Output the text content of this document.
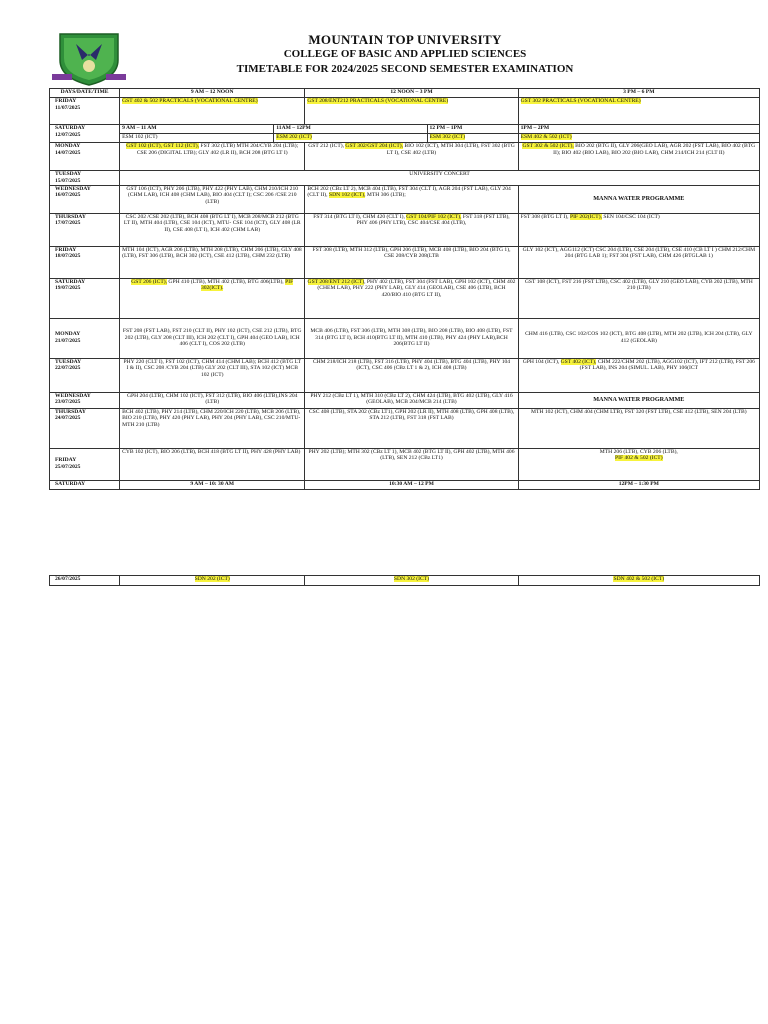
MOUNTAIN TOP UNIVERSITY
COLLEGE OF BASIC AND APPLIED SCIENCES
TIMETABLE FOR 2024/2025 SECOND SEMESTER EXAMINATION
DAYS/DATE/TIME	9 AM – 12 NOON		12 NOON – 3 PM		3 PM – 6 PM

FRIDAY
11/07/2025	GST 402 & 502 PRACTICALS (VOCATIONAL CENTRE)		GST 208/ENT212 PRACTICALS (VOCATIONAL CENTRE)		GST 302 PRACTICALS (VOCATIONAL CENTRE)

SATURDAY
12/07/2025	9 AM – 11 AM	11AM – 12PM		12 PM – 1PM	1PM – 2PM
	ESM 102 (ICT)	ESM 202 (ICT)		ESM 302 (ICT)	ESM 402 & 502 (ICT)

MONDAY
14/07/2025	GST 102 (ICT), GST 112 (ICT), FST 302 (LTB) MTH 204/CYB 204 (LTB); CSE 206 (DIGITAL LTB); GLY 402 (LR II), BCH 208 (BTG LT I)		GST 212 (ICT), GST 302/GST 204 (ICT), BIO 102 (ICT), MTH 304 (LTB), FST 302 (BTG LT I), CSE 402 (LTB)		GST 302 & 502 (ICT), BIO 202 (BTG II), GLY 206(GEO LAB), AGR 202 (FST LAB), BIO 402 (BTG II); BIO 402 (BIO LAB), BIO 202 (BIO LAB), CHM 214/ICH 214 (CLT II)

TUESDAY
15/07/2025	UNIVERSITY CONCERT				

WEDNESDAY
16/07/2025	GST 106 (ICT), PHY 206 (LTB), PHY 422 (PHY LAB), CHM 210/ICH 210 (CHM LAB), ICH 408 (CHM LAB), BIO 404 (CLT I); CSC 206 /CSE 210 (LTB)		BCH 202 (CBz LT 2), MCB 404 (LTB), FST 304 (CLT I), AGR 204 (FST LAB), GLY 204 (CLT II), SDN 102 (ICT), MTH 306 (LTB);		MANNA WATER PROGRAMME

THURSDAY
17/07/2025	CSC 202 /CSE 202 (LTB), BCH 408 (BTG LT I), MCB 208/MCB 212 (BTG LT II), MTH 404 (LTB), CSE 104 (ICT), MTU- CSE 104 (ICT), GLY 408 (LR II), CSE 408 (LT I), ICH 402 (CHM LAB)		FST 314 (BTG LT I), CHM 420 (CLT I), GST 104/PIF 102 (ICT), FST 318 (FST LTB), PHY 406 (PHY LTB), CSC 404/CSE 404 (LTB),		FST 308 (BTG LT I), PIF 202(ICT), SEN 104/CSC 104 (ICT)

FRIDAY
18/07/2025	MTH 104 (ICT), AGR 206 (LTB), MTH 208 (LTB), CHM 206 (LTB), GLY 408 (LTB), FST 306 (LTB), BCH 302 (ICT), CSE 412 (LTB), CHM 232 (LTB)		FST 308 (LTB), MTH 312 (LTB), GPH 206 (LTB), MCB 408 (LTB), BIO 204 (BTG 1), CSE 208/CYB 208(LTB		GLY 102 (ICT), AGG112 (ICT) CSC 204 (LTB), CSE 204 (LTB), CSE 410 (CB LT I ) CHM 212/CHM 204 (BTG LAB 1); FST 304 (FST LAB), CHM 426 (BTGLAB 1)

SATURDAY
19/07/2025	GST 206 (ICT), GPH 410 (LTB), MTH 402 (LTB), BTG 406(LTB), PIF 302(ICT).		GST 208/ENT 212 (ICT), PHY 402 (LTB), FST 304 (FST LAB), GPH 102 (ICT), CHM 402 (CHEM LAB), PHY 222 (PHY LAB), GLY 414 (GEOLAB), CSE 406 (LTB), BCH 420/BIO 410 (BTG LT II),		GST 108 (ICT), FST 216 (FST LTB), CSC 402 (LTB), GLY 210 (GEO LAB), CYB 202 (LTB), MTH 210 (LTB)

MONDAY
21/07/2025	FST 208 (FST LAB), FST 210 (CLT II), PHY 102 (ICT), CSE 212 (LTB), BTG 202 (LTB), GLY 208 (CLT III), ICH 202 (CLT I), GPH 404 (GEO LAB), ICH 406 (CLT I), COS 202 (LTB)		MCB 406 (LTB), FST 306 (LTB), MTH 308 (LTB), BIO 208 (LTB), BIO 408 (LTB), FST 314 (BTG LT I), BCH 410(BTG LT II), MTH 410 (LTB), PHY 424 (PHY LAB),BCH 206(BTG LT II)		CHM 416 (LTB), CSC 102/COS 102 (ICT), BTG 408 (LTB), MTH 202 (LTB), ICH 204 (LTB), GLY 412 (GEOLAB)

TUESDAY
22/07/2025	PHY 220 (CLT I), FST 102 (ICT), CHM 414 (CHM LAB); BCH 412 (BTG LT I & II), CSC 208 /CYB 204 (LTB) GLY 202 (CLT III), STA 102 (ICT) MCB 102 (ICT)		CHM 218/ICH 218 (LTB), FST 316 (LTB), PHY 404 (LTB), BTG 404 (LTB), PHY 104 (ICT), CSC 406 (CBz LT 1 & 2), ICH 408 (LTB)		GPH 104 (ICT), GST 402 (ICT), CHM 222/CHM 202 (LTB), AGG102 (ICT), IFT 212 (LTB), FST 206 (FST LAB), INS 204 (SIMUL. LAB), PHY 106(ICT

WEDNESDAY
23/07/2025	GPH 204 (LTB), CHM 102 (ICT), FST 312 (LTB), BIO 406 (LTB),INS 204 (LTB)		PHY 212 (CBz LT 1), MTH 310 (CBz LT 2), CHM 424 (LTB), BTG 402 (LTB), GLY 416 (GEOLAB), MCB 204/MCB 214 (LTB)		MANNA WATER PROGRAMME

THURSDAY
24/07/2025	BCH 402 (LTB), PHY 214 (LTB), CHM 220/ICH 220 (LTB), MCB 206 (LTB), BIO 210 (LTB), PHY 420 (PHY LAB), PHY 204 (PHY LAB), CSC 210/MTU-MTH 210 (LTB)		CSC 408 (LTB), STA 202 (CBz LT1), GPH 202 (LR II), MTH 408 (LTB), GPH 408 (LTB), STA 212 (LTB), FST 318 (FST LAB)		MTH 102 (ICT), CHM 404 (CHM LTB), FST 320 (FST LTB), CSE 412 (LTB), SEN 204 (LTB)

FRIDAY
25/07/2025	CYB 102 (ICT), BIO 206 (LTB), BCH 418 (BTG LT II), PHY 428 (PHY LAB)		PHY 202 (LTB); MTH 302 (CBz LT 1), MCB 402 (BTG LT II), GPH 402 (LTB), MTH 406 (LTB), SEN 212 (CBz LT1)		MTH 206 (LTB), CYB 206 (LTB),
PIF 402 & 502 (ICT)

SATURDAY	9 AM – 10: 30 AM		10:30 AM – 12 PM		12PM – 1:30 PM
26/07/2025	SDN 202 (ICT)	SDN 302 (ICT)	SDN 402 & 502 (ICT)
